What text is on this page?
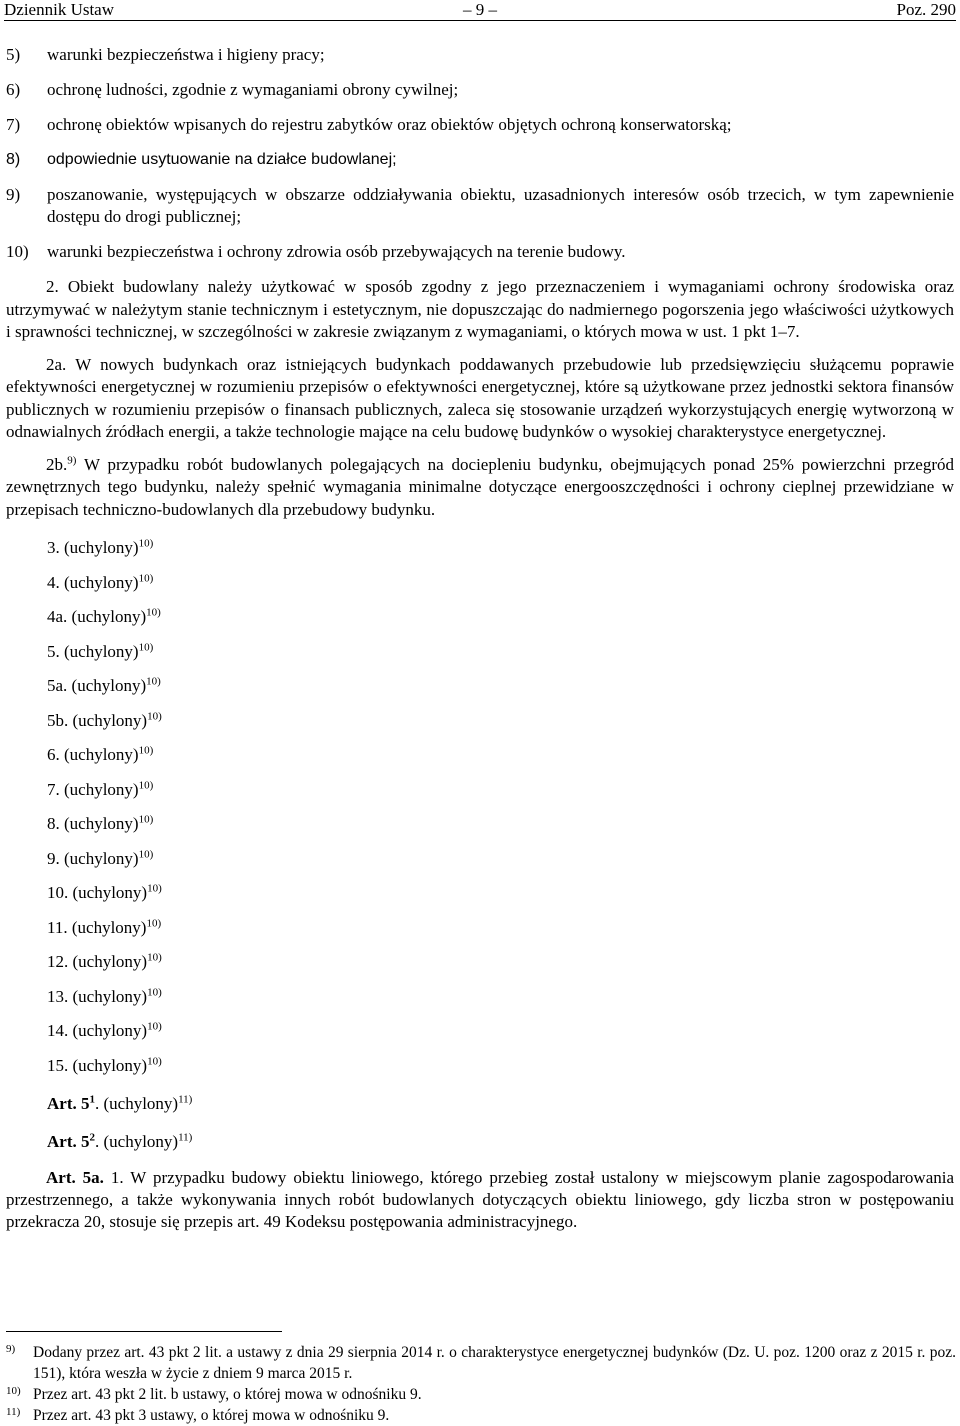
Dziennik Ustaw	– 9 –	Poz. 290
5) warunki bezpieczeństwa i higieny pracy;
6) ochronę ludności, zgodnie z wymaganiami obrony cywilnej;
7) ochronę obiektów wpisanych do rejestru zabytków oraz obiektów objętych ochroną konserwatorską;
8) odpowiednie usytuowanie na działce budowlanej;
9) poszanowanie, występujących w obszarze oddziaływania obiektu, uzasadnionych interesów osób trzecich, w tym zapewnienie dostępu do drogi publicznej;
10) warunki bezpieczeństwa i ochrony zdrowia osób przebywających na terenie budowy.

2. Obiekt budowlany należy użytkować w sposób zgodny z jego przeznaczeniem i wymaganiami ochrony środowiska oraz utrzymywać w należytym stanie technicznym i estetycznym, nie dopuszczając do nadmiernego pogorszenia jego właściwości użytkowych i sprawności technicznej, w szczególności w zakresie związanym z wymaganiami, o których mowa w ust. 1 pkt 1–7.

2a. W nowych budynkach oraz istniejących budynkach poddawanych przebudowie lub przedsięwzięciu służącemu poprawie efektywności energetycznej w rozumieniu przepisów o efektywności energetycznej, które są użytkowane przez jednostki sektora finansów publicznych w rozumieniu przepisów o finansach publicznych, zaleca się stosowanie urządzeń wykorzystujących energię wytworzoną w odnawialnych źródłach energii, a także technologie mające na celu budowę budynków o wysokiej charakterystyce energetycznej.

2b.$^{9)}$ W przypadku robót budowlanych polegających na dociepleniu budynku, obejmujących ponad 25% powierzchni przegród zewnętrznych tego budynku, należy spełnić wymagania minimalne dotyczące energooszczędności i ochrony cieplnej przewidziane w przepisach techniczno-budowlanych dla przebudowy budynku.

3. (uchylony)$^{10)}$
4. (uchylony)$^{10)}$
4a. (uchylony)$^{10)}$
5. (uchylony)$^{10)}$
5a. (uchylony)$^{10)}$
5b. (uchylony)$^{10)}$
6. (uchylony)$^{10)}$
7. (uchylony)$^{10)}$
8. (uchylony)$^{10)}$
9. (uchylony)$^{10)}$
10. (uchylony)$^{10)}$
11. (uchylony)$^{10)}$
12. (uchylony)$^{10)}$
13. (uchylony)$^{10)}$
14. (uchylony)$^{10)}$
15. (uchylony)$^{10)}$
Art. $5^1$. (uchylony)$^{11)}$
Art. $5^2$. (uchylony)$^{11)}$

Art. 5a. 1. W przypadku budowy obiektu liniowego, którego przebieg został ustalony w miejscowym planie zagospodarowania przestrzennego, a także wykonywania innych robót budowlanych dotyczących obiektu liniowego, gdy liczba stron w postępowaniu przekracza 20, stosuje się przepis art. 49 Kodeksu postępowania administracyjnego.

9) Dodany przez art. 43 pkt 2 lit. a ustawy z dnia 29 sierpnia 2014 r. o charakterystyce energetycznej budynków (Dz. U. poz. 1200 oraz z 2015 r. poz. 151), która weszła w życie z dniem 9 marca 2015 r.
10) Przez art. 43 pkt 2 lit. b ustawy, o której mowa w odnośniku 9.
11) Przez art. 43 pkt 3 ustawy, o której mowa w odnośniku 9.
